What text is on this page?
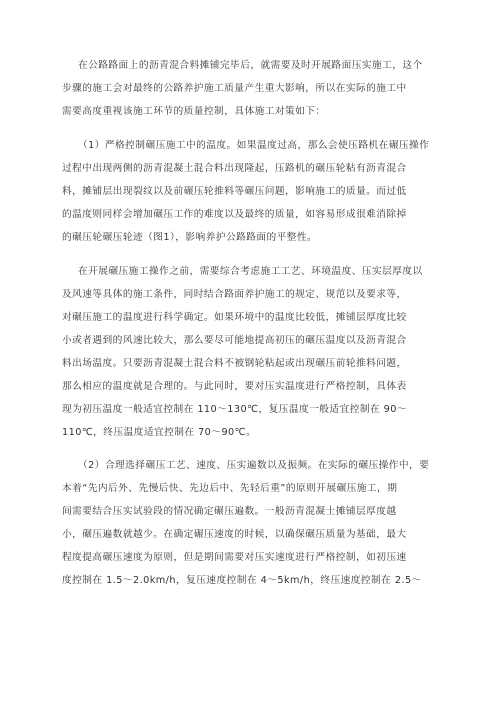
在公路路面上的沥青混合料摊铺完毕后，就需要及时开展路面压实施工，这个

步骤的施工会对最终的公路养护施工质量产生重大影响，所以在实际的施工中

需要高度重视该施工环节的质量控制，具体施工对策如下：

（1）严格控制碾压施工中的温度。如果温度过高，那么会使压路机在碾压操作

过程中出现两侧的沥青混凝土混合料出现隆起，压路机的碾压轮粘有沥青混合

料，摊铺层出现裂纹以及前碾压轮推料等碾压问题，影响施工的质量。而过低

的温度则同样会增加碾压工作的难度以及最终的质量，如容易形成很难消除掉

的碾压轮碾压轮迹（图1），影响养护公路路面的平整性。

在开展碾压施工操作之前，需要综合考虑施工工艺、环境温度、压实层厚度以

及风速等具体的施工条件，同时结合路面养护施工的规定、规范以及要求等，

对碾压施工的温度进行科学确定。如果环境中的温度比较低，摊铺层厚度比较

小或者遇到的风速比较大，那么要尽可能地提高初压的碾压温度以及沥青混合

料出场温度。只要沥青混凝土混合料不被钢轮粘起或出现碾压前轮推料问题，

那么相应的温度就是合理的。与此同时，要对压实温度进行严格控制，具体表

现为初压温度一般适宜控制在 110～130℃，复压温度一般适宜控制在 90～

110℃，终压温度适宜控制在 70～90℃。

（2）合理选择碾压工艺、速度、压实遍数以及振频。在实际的碾压操作中，要

本着“先内后外、先慢后快、先边后中、先轻后重”的原则开展碾压施工，期

间需要结合压实试验段的情况确定碾压遍数。一般沥青混凝土摊铺层厚度越

小，碾压遍数就越少。在确定碾压速度的时候，以确保碾压质量为基础，最大

程度提高碾压速度为原则，但是期间需要对压实速度进行严格控制，如初压速

度控制在 1.5～2.0km/h，复压速度控制在 4～5km/h，终压速度控制在 2.5～
